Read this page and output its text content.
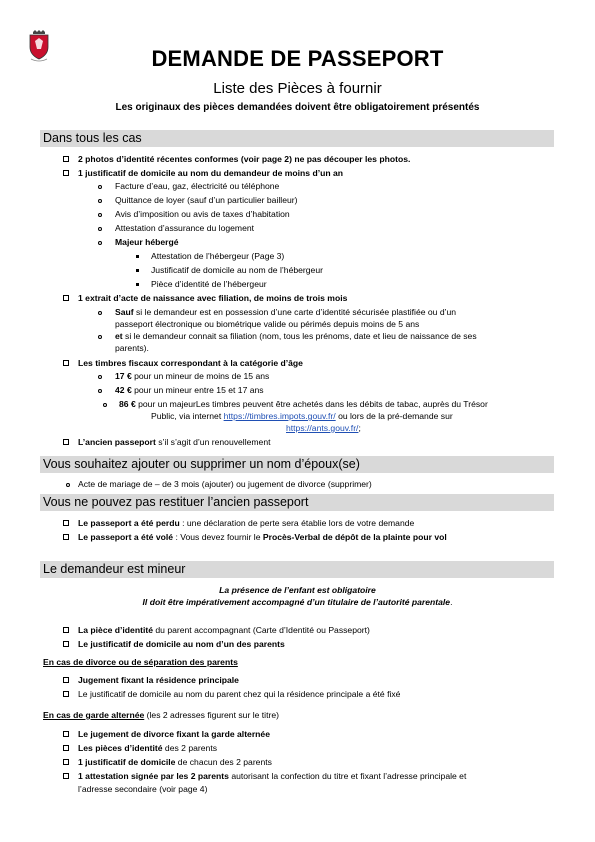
DEMANDE DE PASSEPORT
Liste des Pièces à fournir
Les originaux des pièces demandées doivent être obligatoirement présentés
Dans tous les cas
2 photos d’identité récentes conformes (voir page 2) ne pas découper les photos.
1 justificatif de domicile au nom du demandeur de moins d’un an
Facture d’eau, gaz, électricité ou téléphone
Quittance de loyer (sauf d’un particulier bailleur)
Avis d’imposition ou avis de taxes d’habitation
Attestation d’assurance du logement
Majeur hébergé
Attestation de l’hébergeur (Page 3)
Justificatif de domicile au nom de l’hébergeur
Pièce d’identité de l’hébergeur
1 extrait d’acte de naissance avec filiation, de moins de trois mois
Sauf si le demandeur est en possession d’une carte d’identité sécurisée plastifiée ou d’un
passeport électronique ou biométrique valide ou périmés depuis moins de 5 ans
et si le demandeur connait sa filiation (nom, tous les prénoms, date et lieu de naissance de ses
parents).
Les timbres fiscaux correspondant à la catégorie d’âge
17 € pour un mineur de moins de 15 ans
42 € pour un mineur entre 15 et 17 ans
86 € pour un majeurLes timbres peuvent être achetés dans les débits de tabac, auprès du Trésor
Public, via internet https://timbres.impots.gouv.fr/ ou lors de la pré-demande sur
https://ants.gouv.fr/;
L’ancien passeport s’il s’agit d’un renouvellement
Vous souhaitez ajouter ou supprimer un nom d’époux(se)
Acte de mariage de – de 3 mois (ajouter) ou jugement de divorce (supprimer)
Vous ne pouvez pas restituer l’ancien passeport
Le passeport a été perdu : une déclaration de perte sera établie lors de votre demande
Le passeport a été volé : Vous devez fournir le Procès-Verbal de dépôt de la plainte pour vol
Le demandeur est mineur
La présence de l’enfant est obligatoire
Il doit être impérativement accompagné d’un titulaire de l’autorité parentale.
La pièce d’identité du parent accompagnant (Carte d’Identité ou Passeport)
Le justificatif de domicile au nom d’un des parents
En cas de divorce ou de séparation des parents
Jugement fixant la résidence principale
Le justificatif de domicile au nom du parent chez qui la résidence principale a été fixé
En cas de garde alternée (les 2 adresses figurent sur le titre)
Le jugement de divorce fixant la garde alternée
Les pièces d’identité des 2 parents
1 justificatif de domicile de chacun des 2 parents
1 attestation signée par les 2 parents autorisant la confection du titre et fixant l’adresse principale et
l’adresse secondaire (voir page 4)
